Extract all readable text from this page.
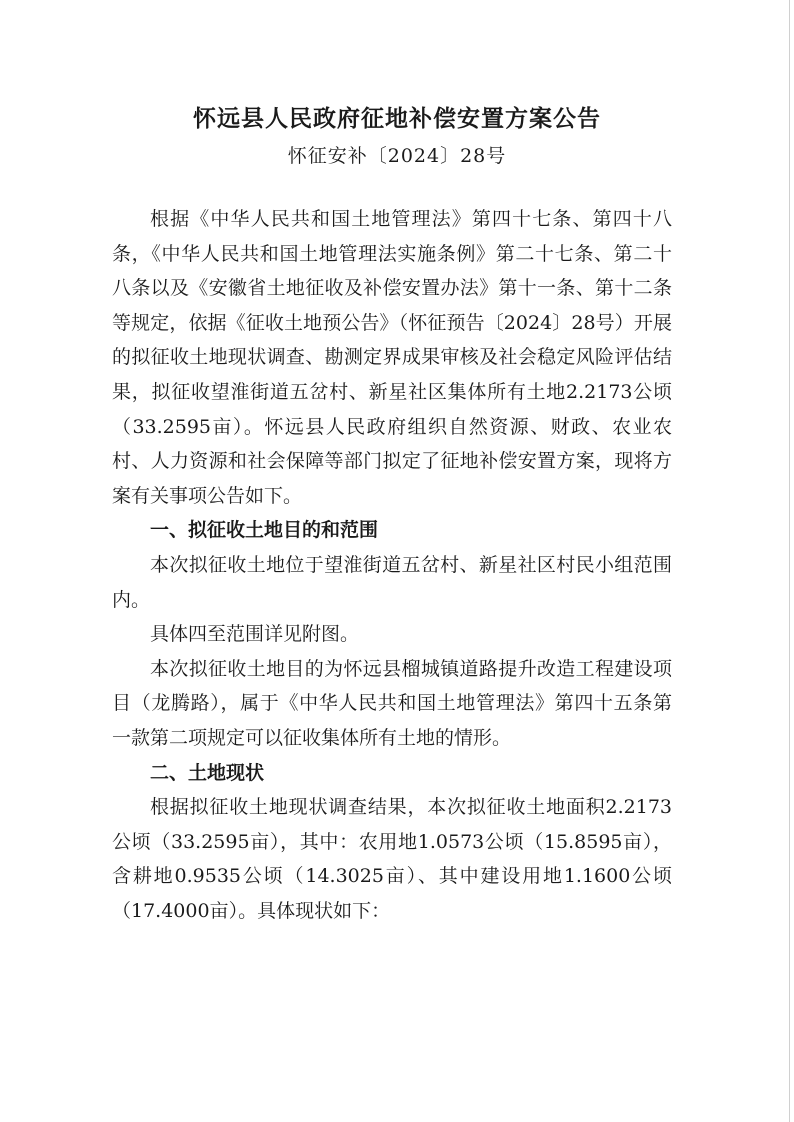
怀远县人民政府征地补偿安置方案公告
怀征安补〔2024〕28号

根据《中华人民共和国土地管理法》第四十七条、第四十八条，《中华人民共和国土地管理法实施条例》第二十七条、第二十八条以及《安徽省土地征收及补偿安置办法》第十一条、第十二条等规定，依据《征收土地预公告》（怀征预告〔2024〕28号）开展的拟征收土地现状调查、勘测定界成果审核及社会稳定风险评估结果，拟征收望淮街道五岔村、新星社区集体所有土地2.2173公顷（33.2595亩）。怀远县人民政府组织自然资源、财政、农业农村、人力资源和社会保障等部门拟定了征地补偿安置方案，现将方案有关事项公告如下。

一、拟征收土地目的和范围

本次拟征收土地位于望淮街道五岔村、新星社区村民小组范围内。

具体四至范围详见附图。

本次拟征收土地目的为怀远县榴城镇道路提升改造工程建设项目（龙腾路），属于《中华人民共和国土地管理法》第四十五条第一款第二项规定可以征收集体所有土地的情形。

二、土地现状

根据拟征收土地现状调查结果，本次拟征收土地面积2.2173公顷（33.2595亩），其中：农用地1.0573公顷（15.8595亩），含耕地0.9535公顷（14.3025亩）、其中建设用地1.1600公顷（17.4000亩）。具体现状如下：
